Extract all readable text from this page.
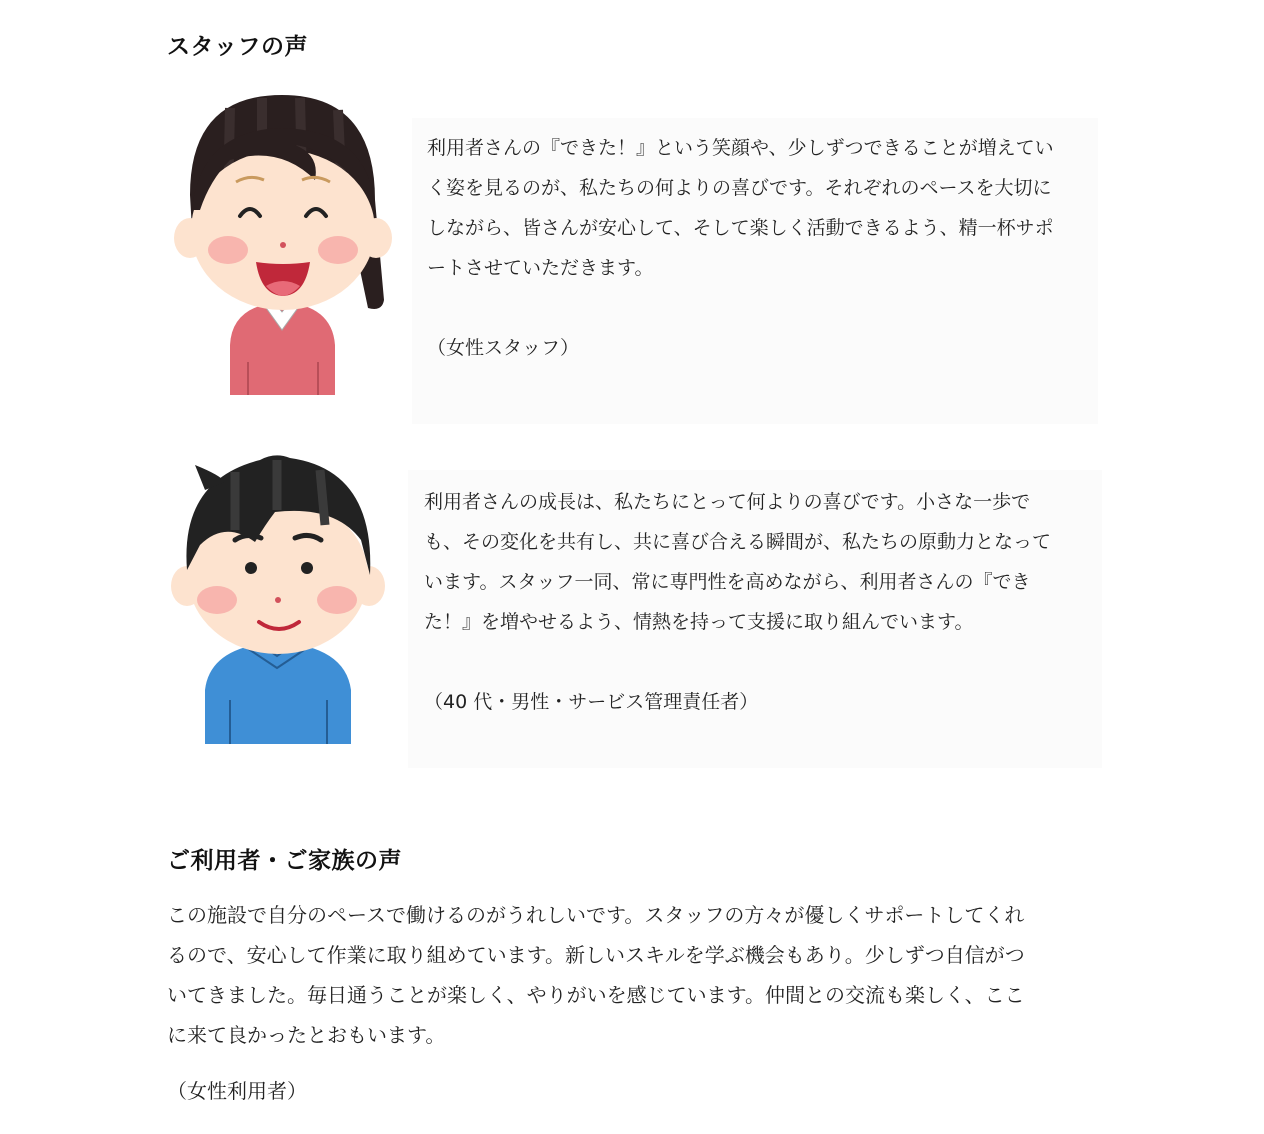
スタッフの声

利用者さんの『できた！』という笑顔や、少しずつできることが増えていく姿を見るのが、私たちの何よりの喜びです。それぞれのペースを大切にしながら、皆さんが安心して、そして楽しく活動できるよう、精一杯サポートさせていただきます。

（女性スタッフ）

利用者さんの成長は、私たちにとって何よりの喜びです。小さな一歩でも、その変化を共有し、共に喜び合える瞬間が、私たちの原動力となっています。スタッフ一同、常に専門性を高めながら、利用者さんの『できた！』を増やせるよう、情熱を持って支援に取り組んでいます。

（40 代・男性・サービス管理責任者）

ご利用者・ご家族の声

この施設で自分のペースで働けるのがうれしいです。スタッフの方々が優しくサポートしてくれるので、安心して作業に取り組めています。新しいスキルを学ぶ機会もあり。少しずつ自信がついてきました。毎日通うことが楽しく、やりがいを感じています。仲間との交流も楽しく、ここに来て良かったとおもいます。

（女性利用者）
